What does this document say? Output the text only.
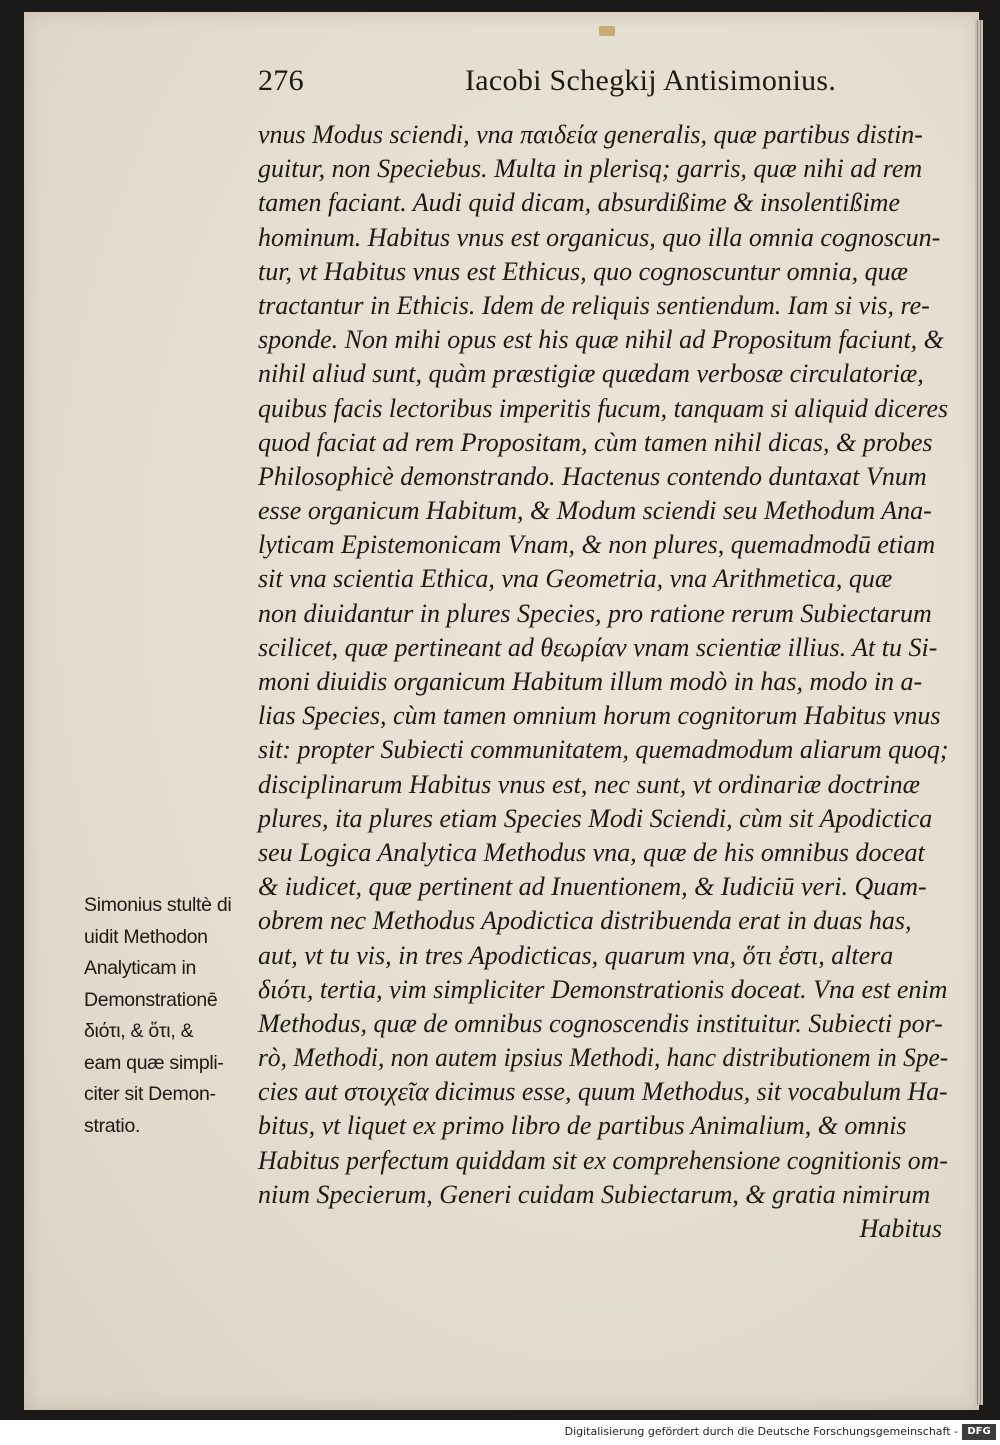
276	Iacobi Schegkij Antisimonius.
vnus Modus sciendi, vna παιδεία generalis, quæ partibus distin-
guitur, non Speciebus. Multa in plerisq; garris, quæ nihi ad rem
tamen faciant. Audi quid dicam, absurdißime & insolentißime
hominum. Habitus vnus est organicus, quo illa omnia cognoscun-
tur, vt Habitus vnus est Ethicus, quo cognoscuntur omnia, quæ
tractantur in Ethicis. Idem de reliquis sentiendum. Iam si vis, re-
sponde. Non mihi opus est his quæ nihil ad Propositum faciunt, &
nihil aliud sunt, quàm præstigiæ quædam verbosæ circulatoriæ,
quibus facis lectoribus imperitis fucum, tanquam si aliquid diceres
quod faciat ad rem Propositam, cùm tamen nihil dicas, & probes
Philosophicè demonstrando. Hactenus contendo duntaxat Vnum
esse organicum Habitum, & Modum sciendi seu Methodum Ana-
lyticam Epistemonicam Vnam, & non plures, quemadmodū etiam
sit vna scientia Ethica, vna Geometria, vna Arithmetica, quæ
non diuidantur in plures Species, pro ratione rerum Subiectarum
scilicet, quæ pertineant ad θεωρίαν vnam scientiæ illius. At tu Si-
moni diuidis organicum Habitum illum modò in has, modo in a-
lias Species, cùm tamen omnium horum cognitorum Habitus vnus
sit: propter Subiecti communitatem, quemadmodum aliarum quoq;
disciplinarum Habitus vnus est, nec sunt, vt ordinariæ doctrinæ
plures, ita plures etiam Species Modi Sciendi, cùm sit Apodictica
seu Logica Analytica Methodus vna, quæ de his omnibus doceat
& iudicet, quæ pertinent ad Inuentionem, & Iudiciū veri. Quam-
obrem nec Methodus Apodictica distribuenda erat in duas has,
aut, vt tu vis, in tres Apodicticas, quarum vna, ὅτι ἐστι, altera
διότι, tertia, vim simpliciter Demonstrationis doceat. Vna est enim
Methodus, quæ de omnibus cognoscendis instituitur. Subiecti por-
rò, Methodi, non autem ipsius Methodi, hanc distributionem in Spe-
cies aut στοιχεῖα dicimus esse, quum Methodus, sit vocabulum Ha-
bitus, vt liquet ex primo libro de partibus Animalium, & omnis
Habitus perfectum quiddam sit ex comprehensione cognitionis om-
nium Specierum, Generi cuidam Subiectarum, & gratia nimirum
Habitus
Simonius stultè di
uidit Methodon
Analyticam in
Demonstrationē
διότι, & ὅτι, &
eam quæ simpli-
citer sit Demon-
stratio.
Digitalisierung gefördert durch die Deutsche Forschungsgemeinschaft - DFG
